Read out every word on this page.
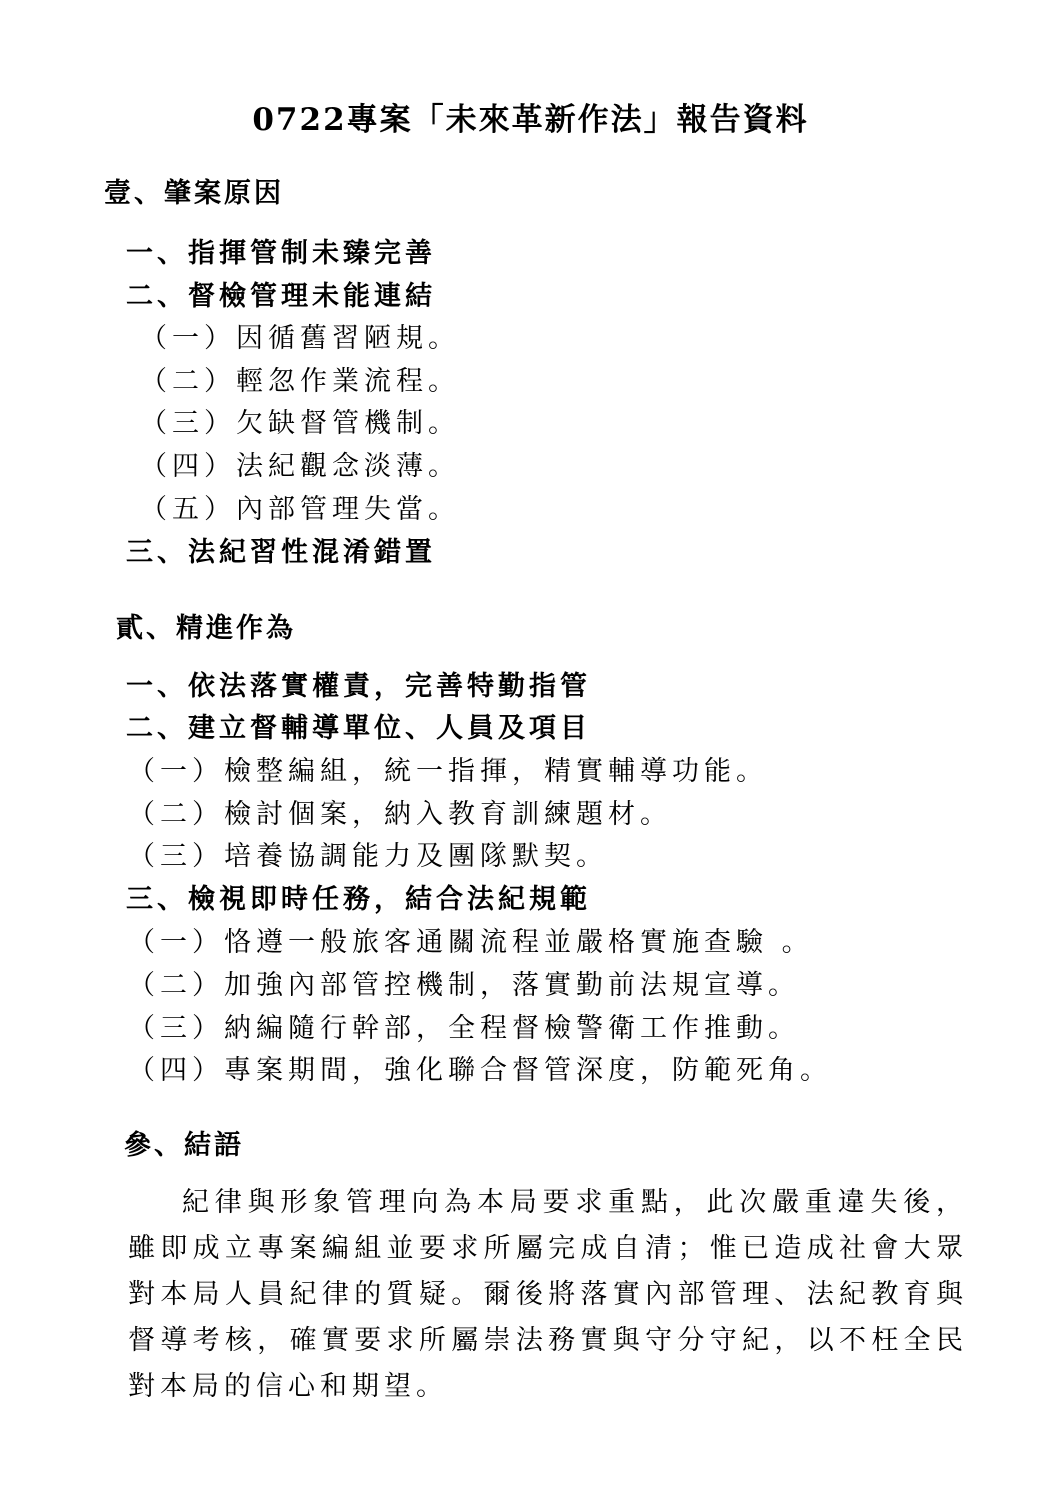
0722專案「未來革新作法」報告資料
壹、肇案原因
一、指揮管制未臻完善
二、督檢管理未能連結
（一）因循舊習陋規。
（二）輕忽作業流程。
（三）欠缺督管機制。
（四）法紀觀念淡薄。
（五）內部管理失當。
三、法紀習性混淆錯置
貳、精進作為
一、依法落實權責，完善特勤指管
二、建立督輔導單位、人員及項目
（一）檢整編組，統一指揮，精實輔導功能。
（二）檢討個案，納入教育訓練題材。
（三）培養協調能力及團隊默契。
三、檢視即時任務，結合法紀規範
（一）恪遵一般旅客通關流程並嚴格實施查驗 。
（二）加強內部管控機制，落實勤前法規宣導。
（三）納編隨行幹部，全程督檢警衛工作推動。
（四）專案期間，強化聯合督管深度，防範死角。
參、結語
紀律與形象管理向為本局要求重點，此次嚴重違失後，雖即成立專案編組並要求所屬完成自清；惟已造成社會大眾對本局人員紀律的質疑。爾後將落實內部管理、法紀教育與督導考核，確實要求所屬崇法務實與守分守紀，以不枉全民對本局的信心和期望。
